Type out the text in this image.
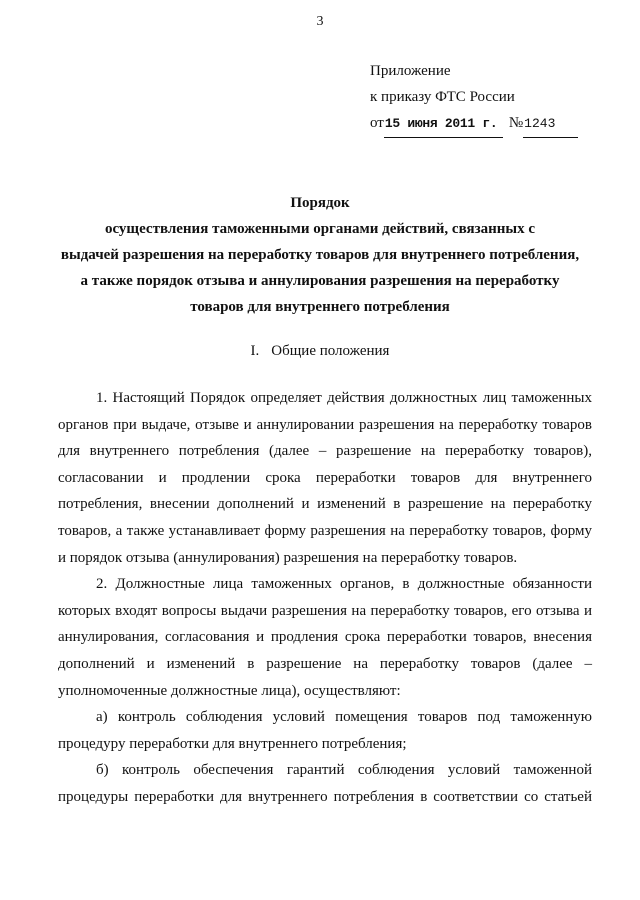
3
Приложение
к приказу ФТС России
от15 июня 2011 г. №1243
Порядок
осуществления таможенными органами действий, связанных с
выдачей разрешения на переработку товаров для внутреннего потребления,
а также порядок отзыва и аннулирования разрешения на переработку
товаров для внутреннего потребления
I. Общие положения

1. Настоящий Порядок определяет действия должностных лиц таможенных органов при выдаче, отзыве и аннулировании разрешения на переработку товаров для внутреннего потребления (далее – разрешение на переработку товаров), согласовании и продлении срока переработки товаров для внутреннего потребления, внесении дополнений и изменений в разрешение на переработку товаров, а также устанавливает форму разрешения на переработку товаров, форму и порядок отзыва (аннулирования) разрешения на переработку товаров.

2. Должностные лица таможенных органов, в должностные обязанности которых входят вопросы выдачи разрешения на переработку товаров, его отзыва и аннулирования, согласования и продления срока переработки товаров, внесения дополнений и изменений в разрешение на переработку товаров (далее – уполномоченные должностные лица), осуществляют:

а) контроль соблюдения условий помещения товаров под таможенную процедуру переработки для внутреннего потребления;

б) контроль обеспечения гарантий соблюдения условий таможенной процедуры переработки для внутреннего потребления в соответствии со статьей
